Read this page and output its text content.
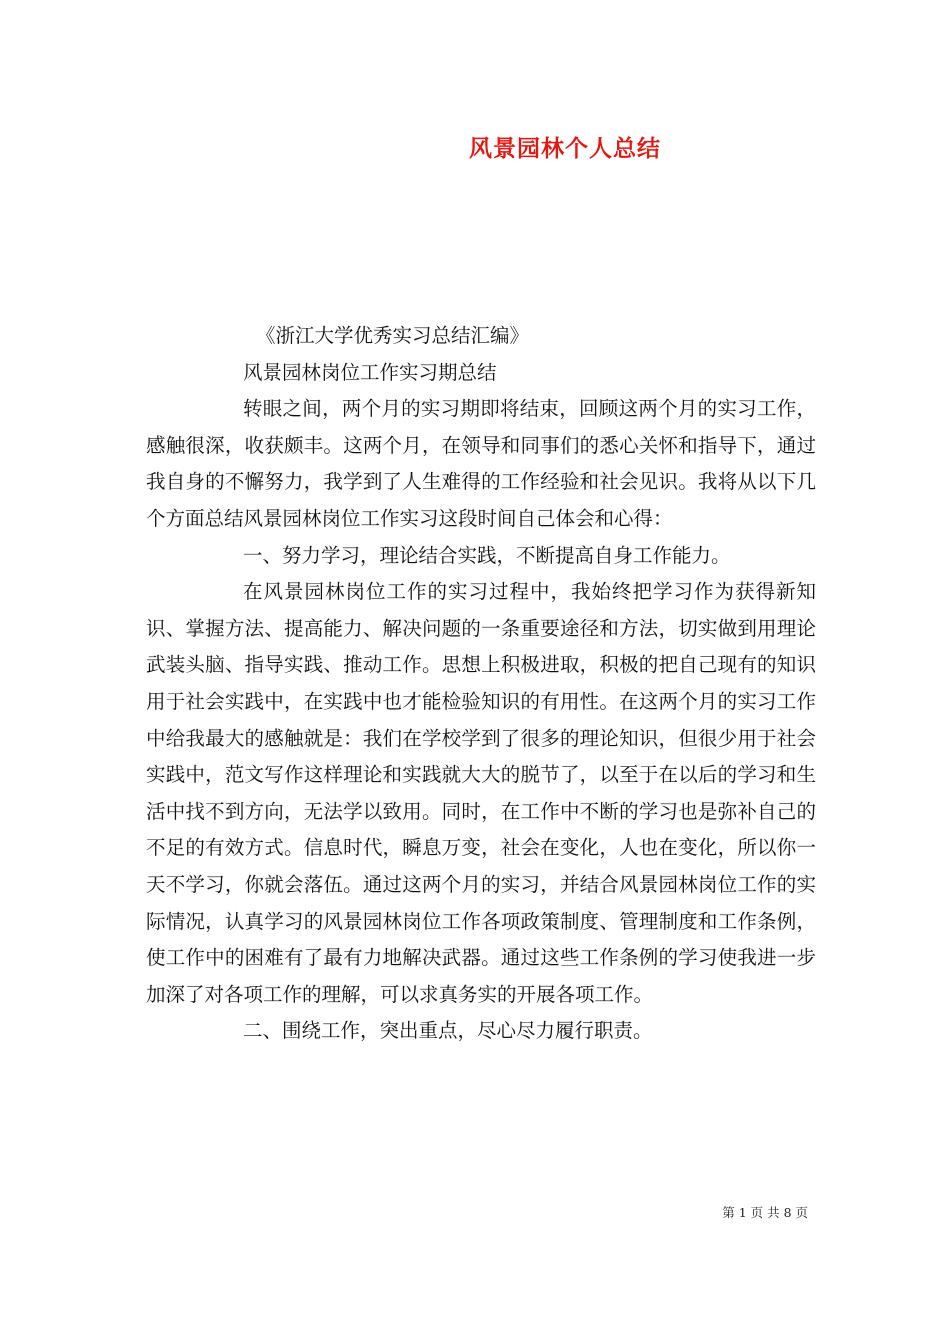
风景园林个人总结

《浙江大学优秀实习总结汇编》

风景园林岗位工作实习期总结

转眼之间，两个月的实习期即将结束，回顾这两个月的实习工作，感触很深，收获颇丰。这两个月，在领导和同事们的悉心关怀和指导下，通过我自身的不懈努力，我学到了人生难得的工作经验和社会见识。我将从以下几个方面总结风景园林岗位工作实习这段时间自己体会和心得：

一、努力学习，理论结合实践，不断提高自身工作能力。

在风景园林岗位工作的实习过程中，我始终把学习作为获得新知识、掌握方法、提高能力、解决问题的一条重要途径和方法，切实做到用理论武装头脑、指导实践、推动工作。思想上积极进取，积极的把自己现有的知识用于社会实践中，在实践中也才能检验知识的有用性。在这两个月的实习工作中给我最大的感触就是：我们在学校学到了很多的理论知识，但很少用于社会实践中，范文写作这样理论和实践就大大的脱节了，以至于在以后的学习和生活中找不到方向，无法学以致用。同时，在工作中不断的学习也是弥补自己的不足的有效方式。信息时代，瞬息万变，社会在变化，人也在变化，所以你一天不学习，你就会落伍。通过这两个月的实习，并结合风景园林岗位工作的实际情况，认真学习的风景园林岗位工作各项政策制度、管理制度和工作条例，使工作中的困难有了最有力地解决武器。通过这些工作条例的学习使我进一步加深了对各项工作的理解，可以求真务实的开展各项工作。

二、围绕工作，突出重点，尽心尽力履行职责。

第 1 页 共 8 页
